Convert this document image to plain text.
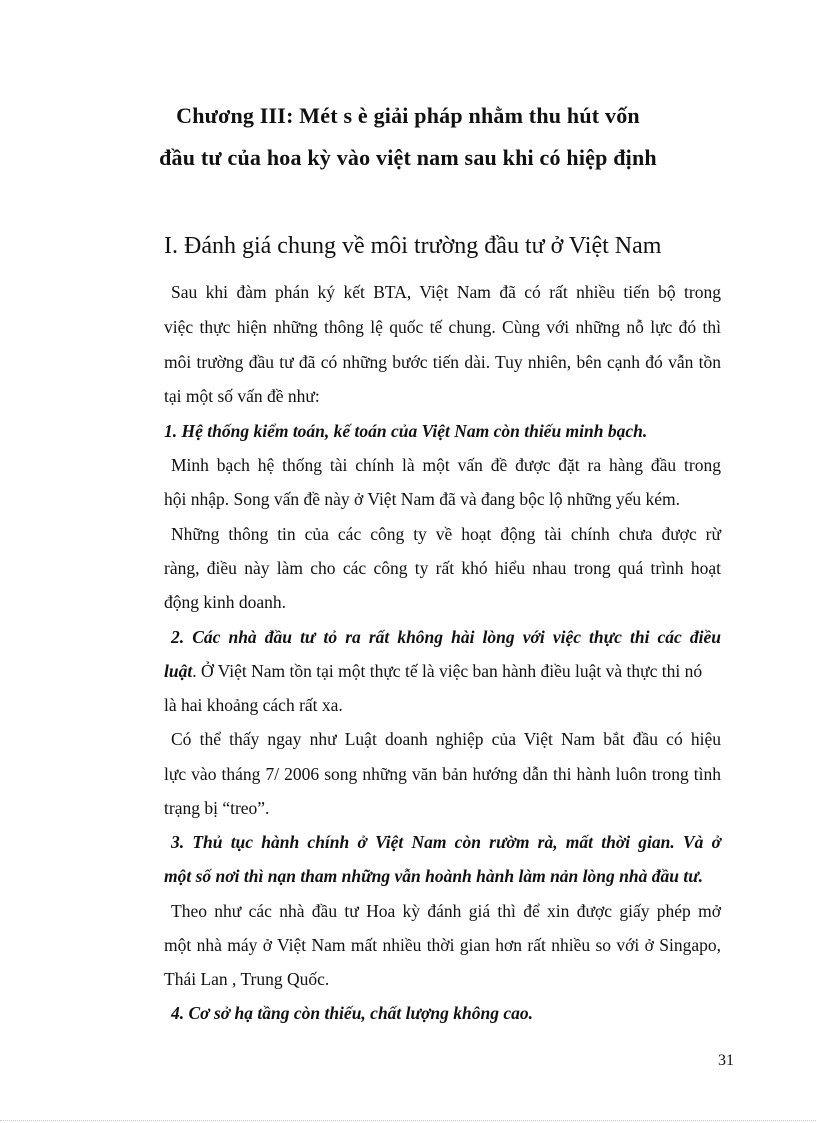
Chương III: Mét s è giải pháp nhằm thu hút vốn
đầu tư của hoa kỳ vào việt nam sau khi có hiệp định
I. Đánh giá chung về môi trường đầu tư ở Việt Nam
Sau khi đàm phán ký kết BTA, Việt Nam đã có rất nhiều tiến bộ trong
việc thực hiện những thông lệ quốc tế chung. Cùng với những nỗ lực đó thì
môi trường đầu tư đã có những bước tiến dài. Tuy nhiên, bên cạnh đó vẫn tồn
tại một số vấn đề như:
1. Hệ thống kiểm toán, kế toán của Việt Nam còn thiếu minh bạch.
Minh bạch hệ thống tài chính là một vấn đề được đặt ra hàng đầu trong
hội nhập. Song vấn đề này ở Việt Nam đã và đang bộc lộ những yếu kém.
Những thông tin của các công ty về hoạt động tài chính chưa được rừ
ràng, điều này làm cho các công ty rất khó hiểu nhau trong quá trình hoạt
động kinh doanh.
2. Các nhà đầu tư tỏ ra rất không hài lòng với việc thực thi các điều
luật. Ở Việt Nam tồn tại một thực tế là việc ban hành điều luật và thực thi nó
là hai khoảng cách rất xa.
Có thể thấy ngay như Luật doanh nghiệp của Việt Nam bắt đầu có hiệu
lực vào tháng 7/ 2006 song những văn bản hướng dẫn thi hành luôn trong tình
trạng bị “treo”.
3. Thủ tục hành chính ở Việt Nam còn rườm rà, mất thời gian. Và ở
một số nơi thì nạn tham những vẫn hoành hành làm nản lòng nhà đầu tư.
Theo như các nhà đầu tư Hoa kỳ đánh giá thì để xin được giấy phép mở
một nhà máy ở Việt Nam mất nhiều thời gian hơn rất nhiều so với ở Singapo,
Thái Lan , Trung Quốc.
4. Cơ sở hạ tầng còn thiếu, chất lượng không cao.
31
